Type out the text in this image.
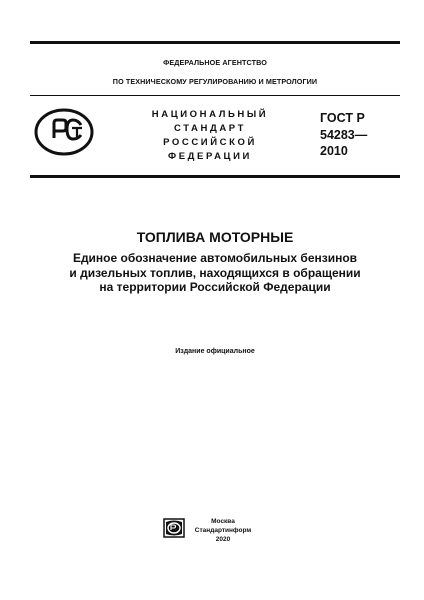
ФЕДЕРАЛЬНОЕ АГЕНТСТВО
ПО ТЕХНИЧЕСКОМУ РЕГУЛИРОВАНИЮ И МЕТРОЛОГИИ
НАЦИОНАЛЬНЫЙ
СТАНДАРТ
РОССИЙСКОЙ
ФЕДЕРАЦИИ
ГОСТ Р
54283—
2010
ТОПЛИВА МОТОРНЫЕ
Единое обозначение автомобильных бензинов
и дизельных топлив, находящихся в обращении
на территории Российской Федерации
Издание официальное
Москва
Стандартинформ
2020
